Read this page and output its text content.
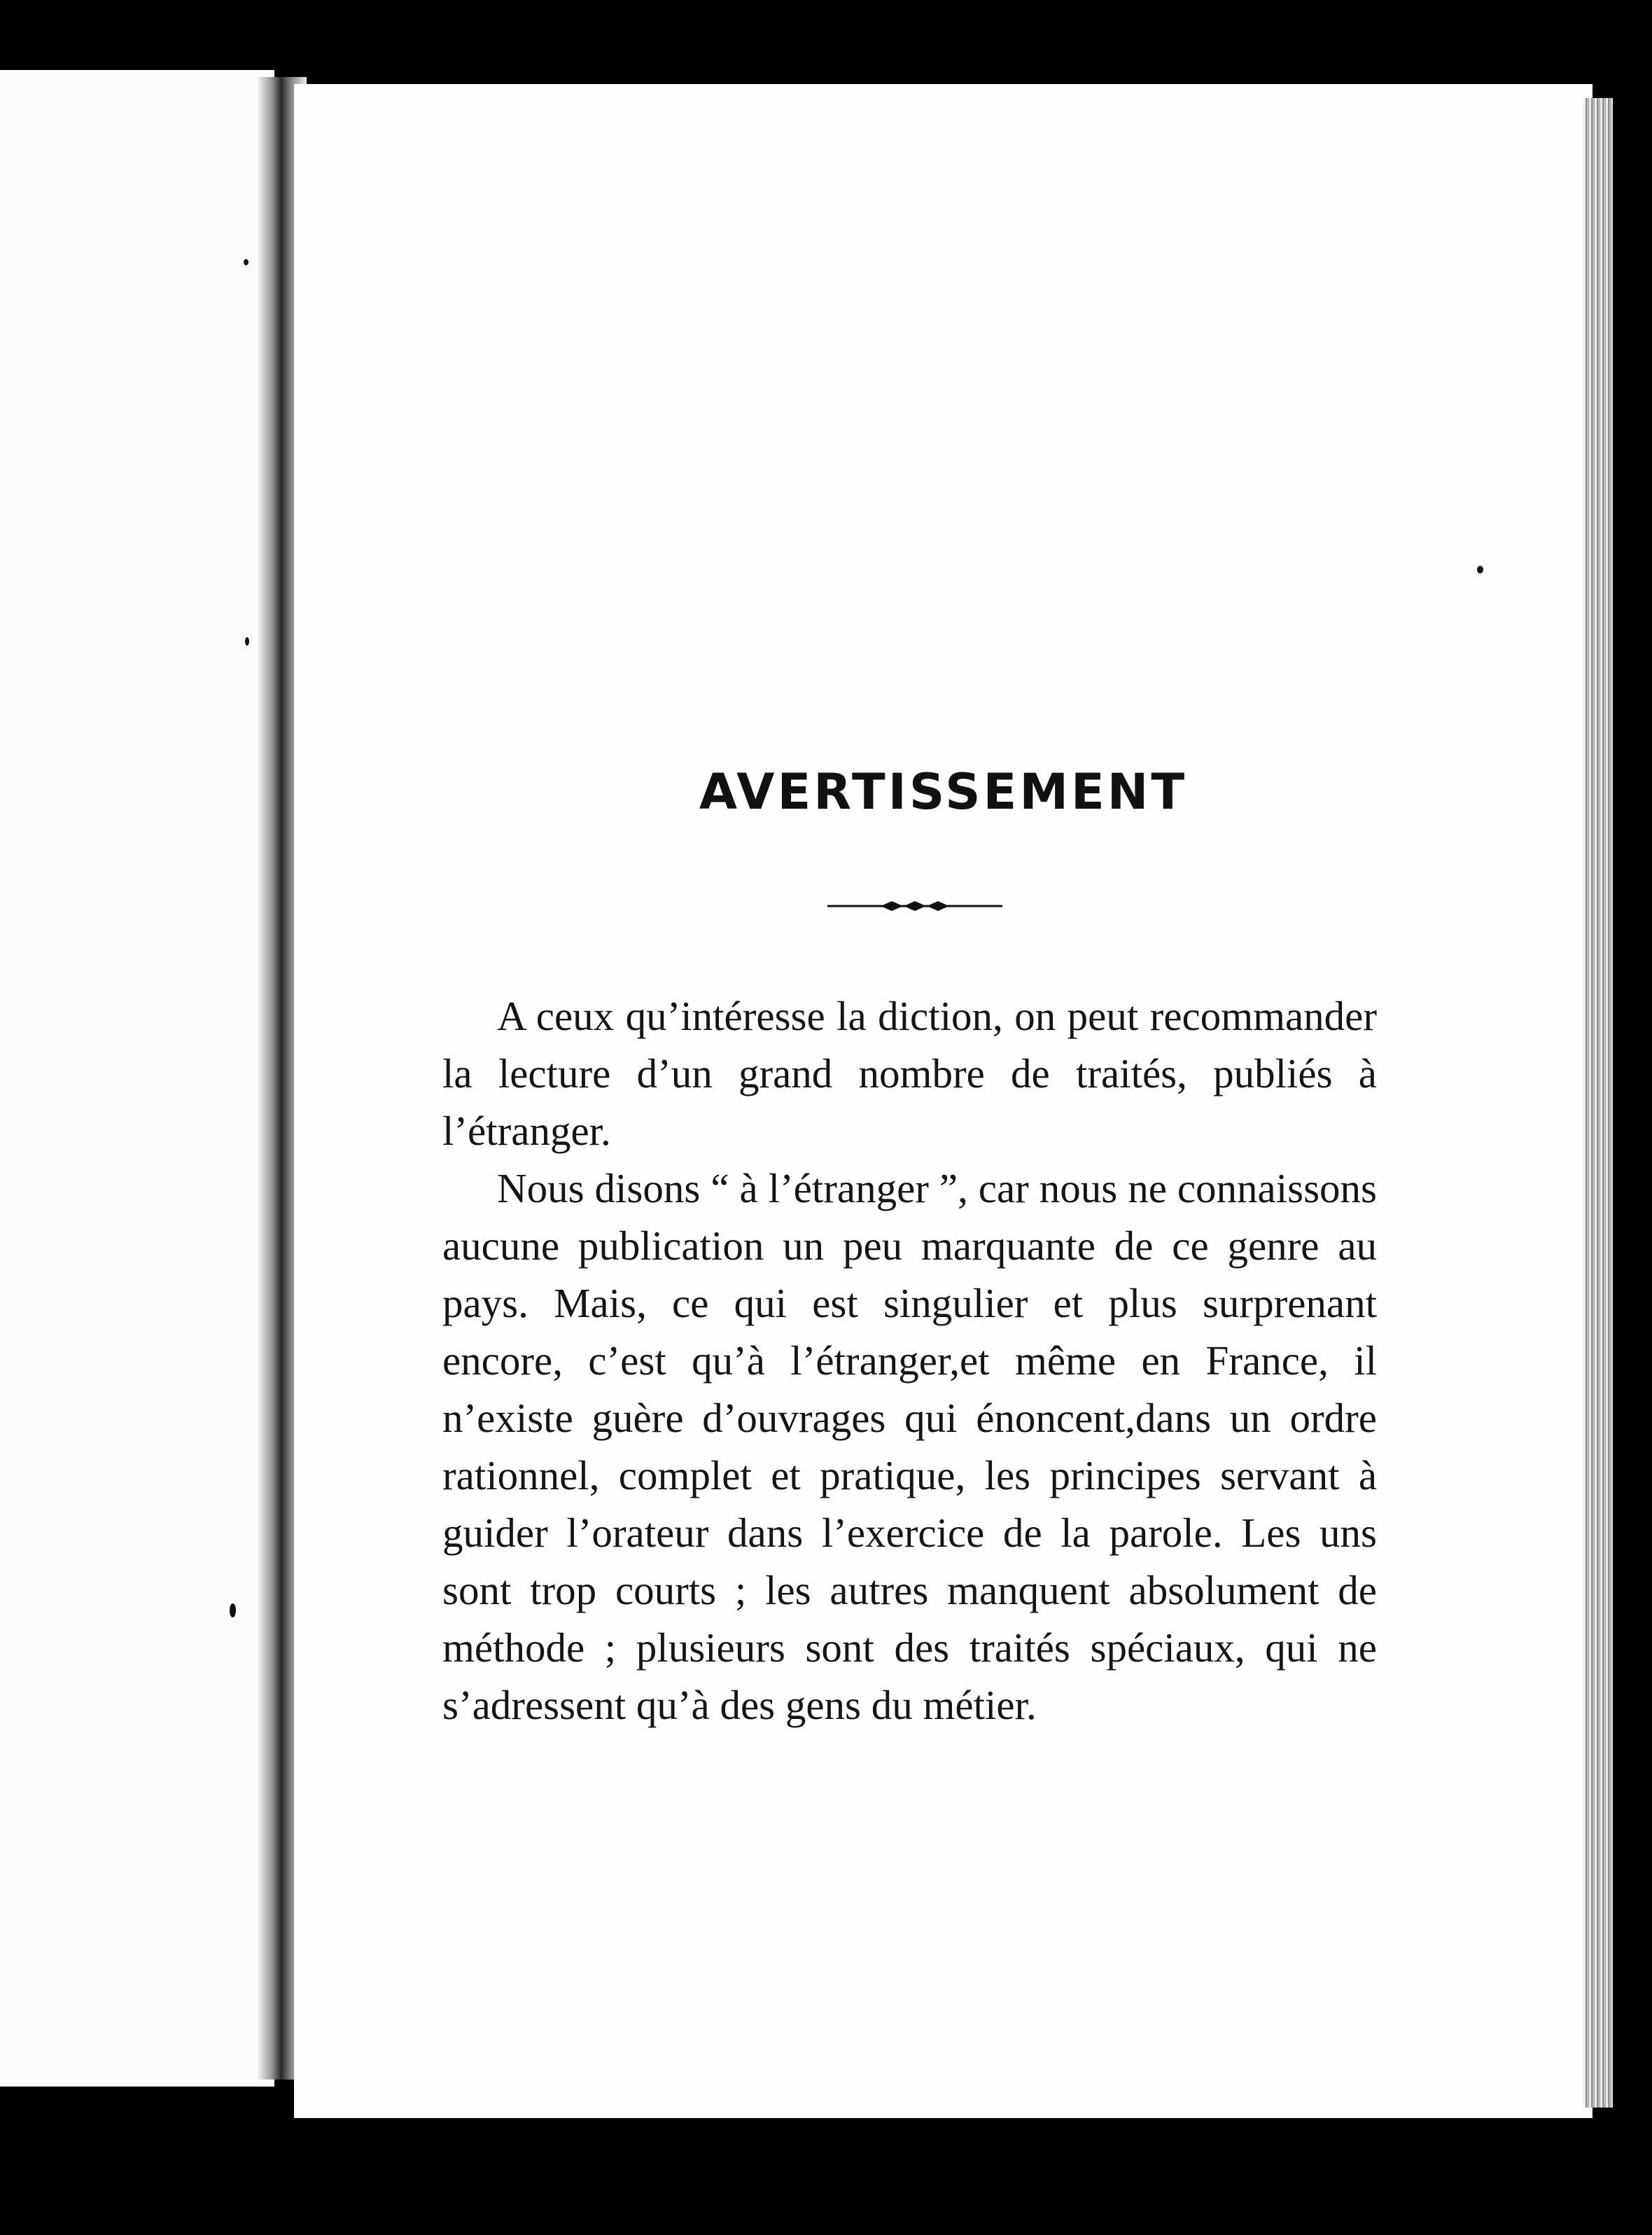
AVERTISSEMENT

A ceux qu’intéresse la diction, on peut recommander la lecture d’un grand nombre de traités, publiés à l’étranger.

Nous disons “ à l’étranger ”, car nous ne connaissons aucune publication un peu marquante de ce genre au pays. Mais, ce qui est singulier et plus surprenant encore, c’est qu’à l’étranger,et même en France, il n’existe guère d’ouvrages qui énoncent,dans un ordre rationnel, complet et pratique, les principes servant à guider l’orateur dans l’exercice de la parole. Les uns sont trop courts ; les autres manquent absolument de méthode ; plusieurs sont des traités spéciaux, qui ne s’adressent qu’à des gens du métier.
